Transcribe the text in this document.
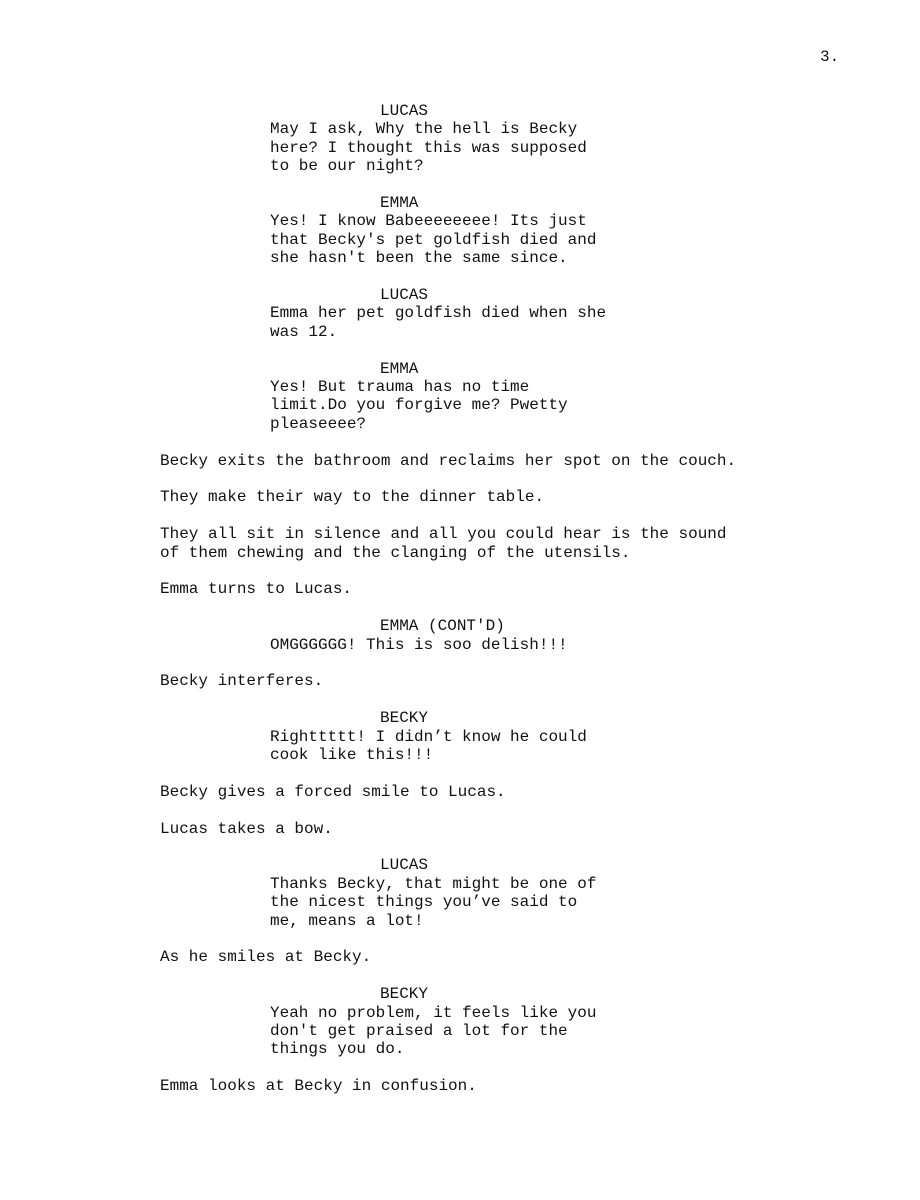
3.
LUCAS
May I ask, Why the hell is Becky
here? I thought this was supposed
to be our night?
EMMA
Yes! I know Babeeeeeeee! Its just
that Becky's pet goldfish died and
she hasn't been the same since.
LUCAS
Emma her pet goldfish died when she
was 12.
EMMA
Yes! But trauma has no time
limit.Do you forgive me? Pwetty
pleaseeee?
Becky exits the bathroom and reclaims her spot on the couch.
They make their way to the dinner table.
They all sit in silence and all you could hear is the sound
of them chewing and the clanging of the utensils.
Emma turns to Lucas.
EMMA (CONT'D)
OMGGGGGG! This is soo delish!!!
Becky interferes.
BECKY
Righttttt! I didn’t know he could
cook like this!!!
Becky gives a forced smile to Lucas.
Lucas takes a bow.
LUCAS
Thanks Becky, that might be one of
the nicest things you’ve said to
me, means a lot!
As he smiles at Becky.
BECKY
Yeah no problem, it feels like you
don't get praised a lot for the
things you do.
Emma looks at Becky in confusion.
